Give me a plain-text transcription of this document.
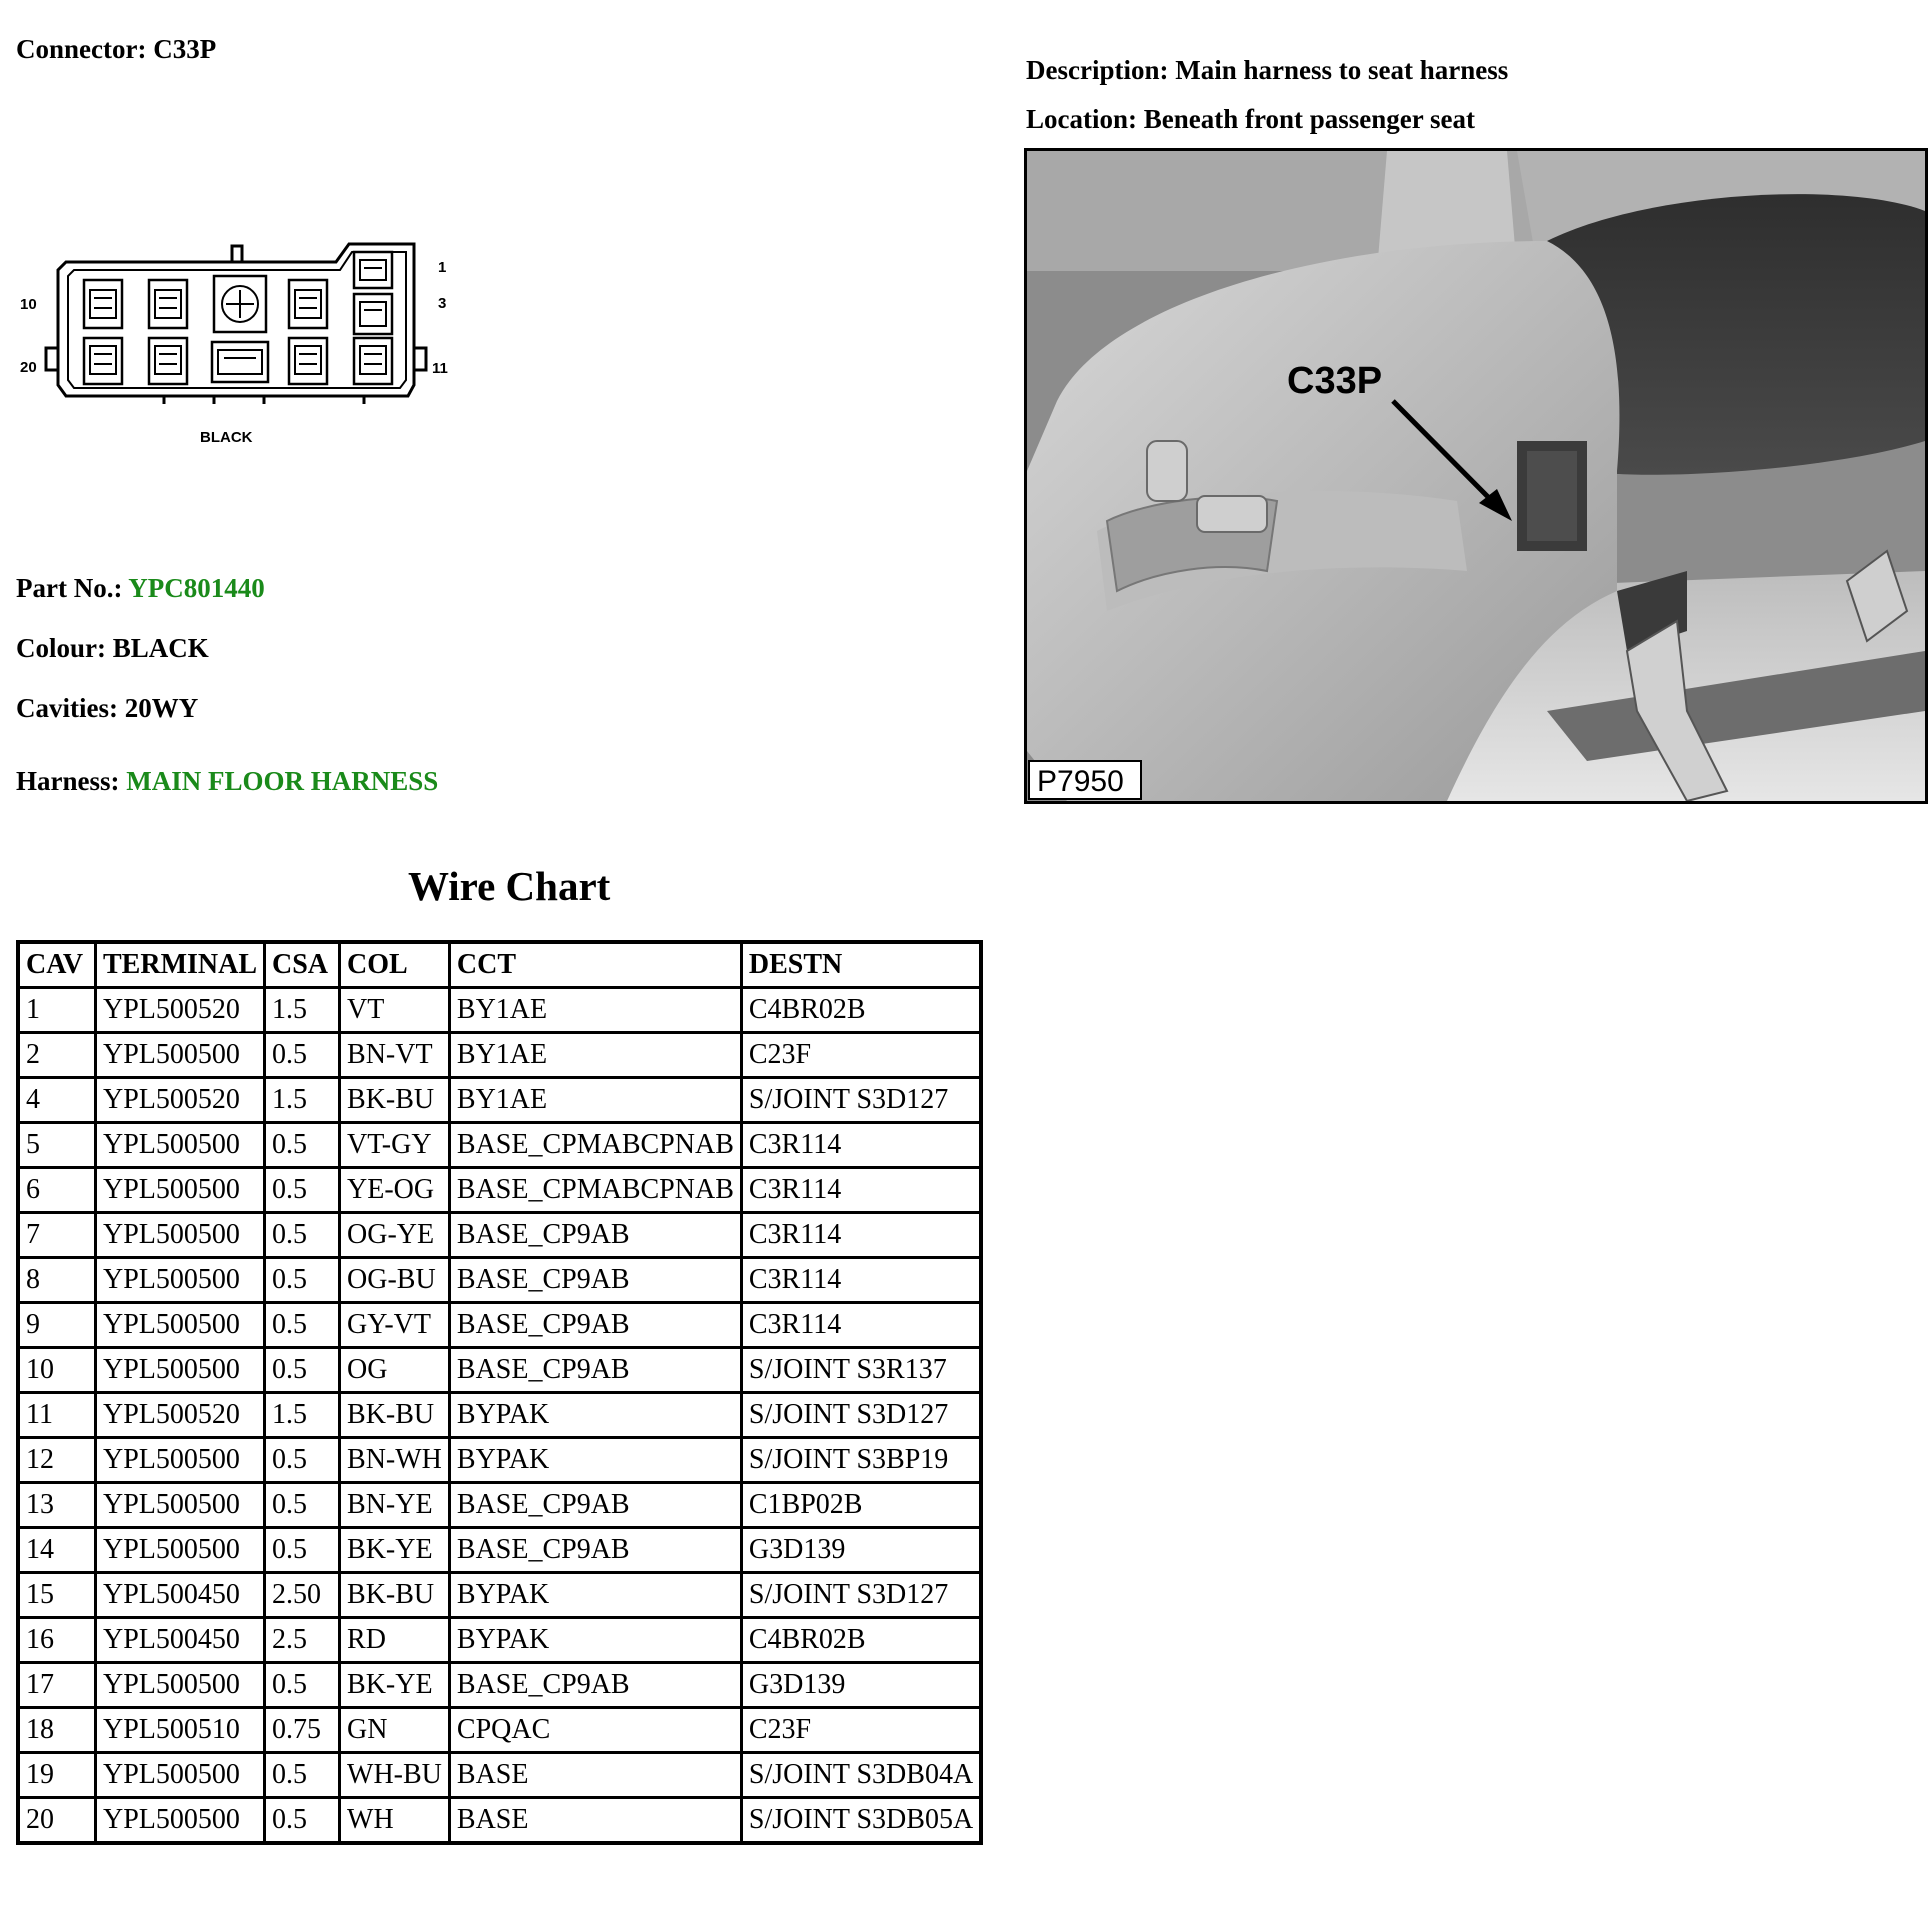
Connector: C33P
Description: Main harness to seat harness
Location: Beneath front passenger seat
1
3
10
11
20
BLACK
Part No.: YPC801440
Colour: BLACK
Cavities: 20WY
Harness: MAIN FLOOR HARNESS
C33P
P7950
Wire Chart
CAV	TERMINAL	CSA	COL	CCT	DESTN
1	YPL500520	1.5	VT	BY1AE	C4BR02B
2	YPL500500	0.5	BN-VT	BY1AE	C23F
4	YPL500520	1.5	BK-BU	BY1AE	S/JOINT S3D127
5	YPL500500	0.5	VT-GY	BASE_CPMABCPNAB	C3R114
6	YPL500500	0.5	YE-OG	BASE_CPMABCPNAB	C3R114
7	YPL500500	0.5	OG-YE	BASE_CP9AB	C3R114
8	YPL500500	0.5	OG-BU	BASE_CP9AB	C3R114
9	YPL500500	0.5	GY-VT	BASE_CP9AB	C3R114
10	YPL500500	0.5	OG	BASE_CP9AB	S/JOINT S3R137
11	YPL500520	1.5	BK-BU	BYPAK	S/JOINT S3D127
12	YPL500500	0.5	BN-WH	BYPAK	S/JOINT S3BP19
13	YPL500500	0.5	BN-YE	BASE_CP9AB	C1BP02B
14	YPL500500	0.5	BK-YE	BASE_CP9AB	G3D139
15	YPL500450	2.50	BK-BU	BYPAK	S/JOINT S3D127
16	YPL500450	2.5	RD	BYPAK	C4BR02B
17	YPL500500	0.5	BK-YE	BASE_CP9AB	G3D139
18	YPL500510	0.75	GN	CPQAC	C23F
19	YPL500500	0.5	WH-BU	BASE	S/JOINT S3DB04A
20	YPL500500	0.5	WH	BASE	S/JOINT S3DB05A
